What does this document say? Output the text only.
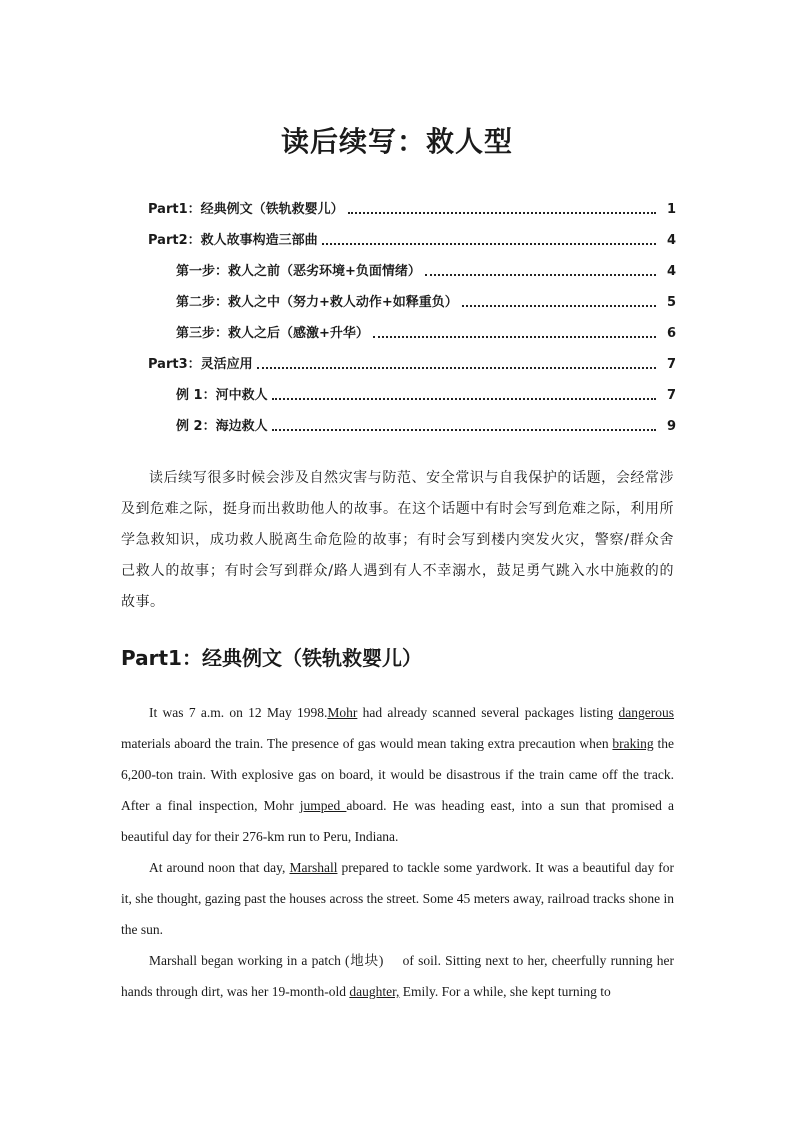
读后续写：救人型
Part1：经典例文（铁轨救婴儿）	1
Part2：救人故事构造三部曲	4
第一步：救人之前（恶劣环境+负面情绪）	4
第二步：救人之中（努力+救人动作+如释重负）	5
第三步：救人之后（感激+升华）	6
Part3：灵活应用	7
例 1：河中救人	7
例 2：海边救人	9
读后续写很多时候会涉及自然灾害与防范、安全常识与自我保护的话题，会经常涉及到危难之际，挺身而出救助他人的故事。在这个话题中有时会写到危难之际，利用所学急救知识，成功救人脱离生命危险的故事；有时会写到楼内突发火灾，警察/群众舍己救人的故事；有时会写到群众/路人遇到有人不幸溺水，鼓足勇气跳入水中施救的的故事。
Part1：经典例文（铁轨救婴儿）

It was 7 a.m. on 12 May 1998.Mohr had already scanned several packages listing dangerous materials aboard the train. The presence of gas would mean taking extra precaution when braking the 6,200-ton train. With explosive gas on board, it would be disastrous if the train came off the track. After a final inspection, Mohr jumped aboard. He was heading east, into a sun that promised a beautiful day for their 276-km run to Peru, Indiana.

At around noon that day, Marshall prepared to tackle some yardwork. It was a beautiful day for it, she thought, gazing past the houses across the street. Some 45 meters away, railroad tracks shone in the sun.

Marshall began working in a patch (地块)　 of soil. Sitting next to her, cheerfully running her hands through dirt, was her 19-month-old daughter, Emily. For a while, she kept turning to
